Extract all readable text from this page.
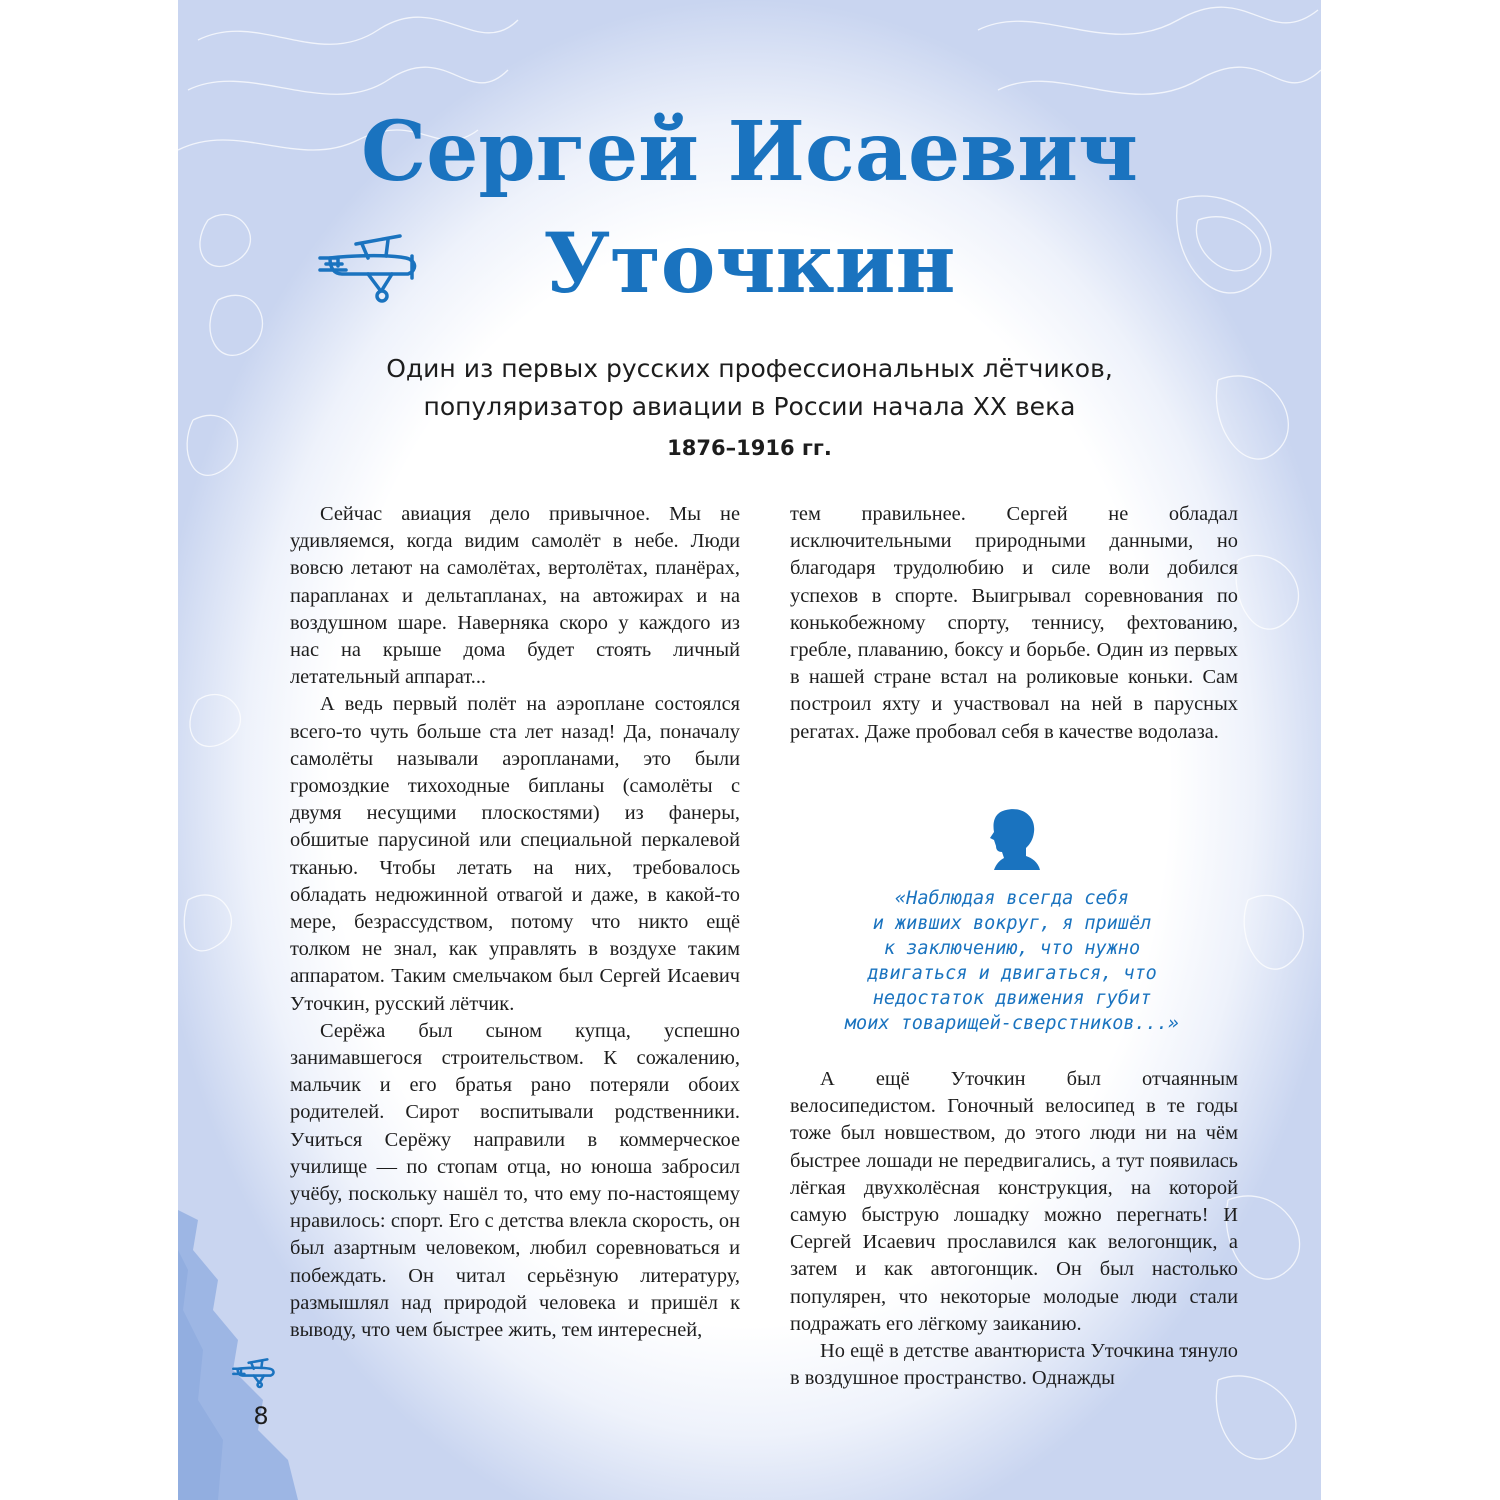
Сергей Исаевич
Уточкин
Один из первых русских профессиональных лётчиков,
популяризатор авиации в России начала XX века
1876–1916 гг.

Сейчас авиация дело привычное. Мы не удивляемся, когда видим самолёт в небе. Люди вовсю летают на самолётах, вертолётах, планёрах, парапланах и дельтапланах, на автожирах и на воздушном шаре. Наверняка скоро у каждого из нас на крыше дома будет стоять личный летательный аппарат...

А ведь первый полёт на аэроплане состоялся всего-то чуть больше ста лет назад! Да, поначалу самолёты называли аэропланами, это были громоздкие тихоходные бипланы (самолёты с двумя несущими плоскостями) из фанеры, обшитые парусиной или специальной перкалевой тканью. Чтобы летать на них, требовалось обладать недюжинной отвагой и даже, в какой-то мере, безрассудством, потому что никто ещё толком не знал, как управлять в воздухе таким аппаратом. Таким смельчаком был Сергей Исаевич Уточкин, русский лётчик.

Серёжа был сыном купца, успешно занимавшегося строительством. К сожалению, мальчик и его братья рано потеряли обоих родителей. Сирот воспитывали родственники. Учиться Серёжу направили в коммерческое училище — по стопам отца, но юноша забросил учёбу, поскольку нашёл то, что ему по-настоящему нравилось: спорт. Его с детства влекла скорость, он был азартным человеком, любил соревноваться и побеждать. Он читал серьёзную литературу, размышлял над природой человека и пришёл к выводу, что чем быстрее жить, тем интересней,

тем правильнее. Сергей не обладал исключительными природными данными, но благодаря трудолюбию и силе воли добился успехов в спорте. Выигрывал соревнования по конькобежному спорту, теннису, фехтованию, гребле, плаванию, боксу и борьбе. Один из первых в нашей стране встал на роликовые коньки. Сам построил яхту и участвовал на ней в парусных регатах. Даже пробовал себя в качестве водолаза.

«Наблюдая всегда себя
и живших вокруг, я пришёл
к заключению, что нужно
двигаться и двигаться, что
недостаток движения губит
моих товарищей-сверстников...»

А ещё Уточкин был отчаянным велосипедистом. Гоночный велосипед в те годы тоже был новшеством, до этого люди ни на чём быстрее лошади не передвигались, а тут появилась лёгкая двухколёсная конструкция, на которой самую быструю лошадку можно перегнать! И Сергей Исаевич прославился как велогонщик, а затем и как автогонщик. Он был настолько популярен, что некоторые молодые люди стали подражать его лёгкому заиканию.

Но ещё в детстве авантюриста Уточкина тянуло в воздушное пространство. Однажды

8
